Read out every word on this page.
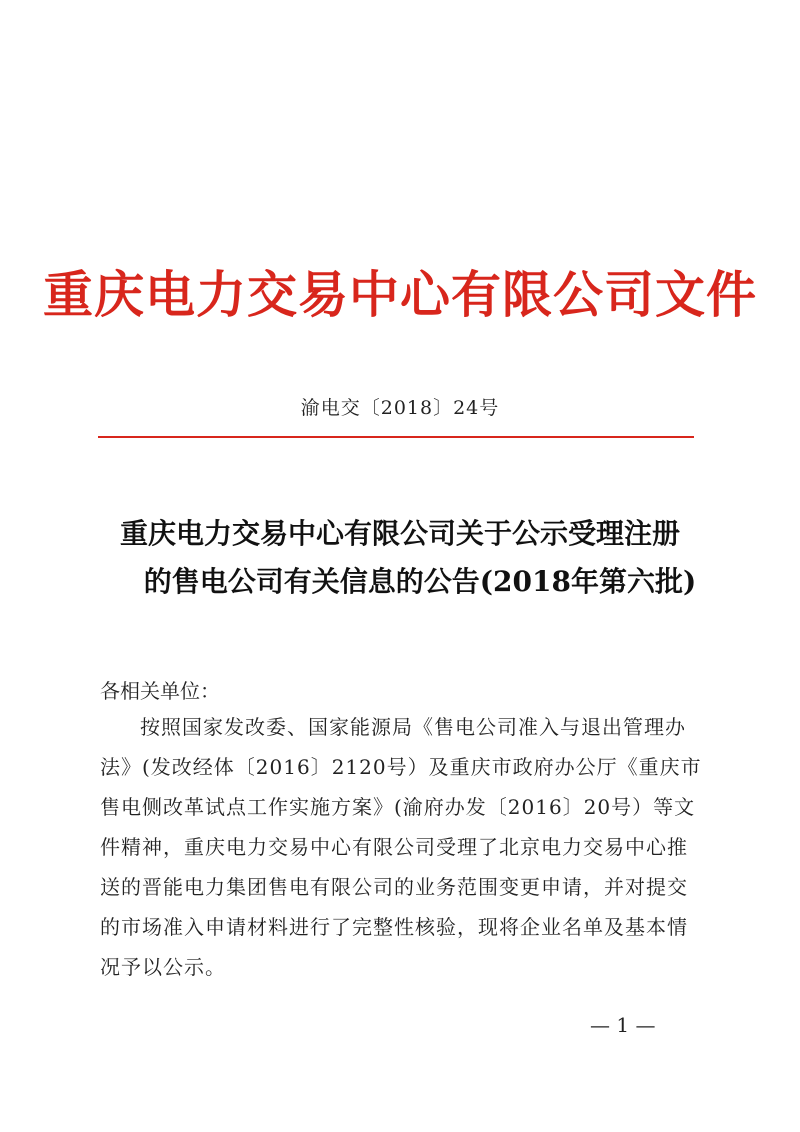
重庆电力交易中心有限公司文件
渝电交〔2018〕24号
重庆电力交易中心有限公司关于公示受理注册
的售电公司有关信息的公告(2018年第六批)
各相关单位：
按照国家发改委、国家能源局《售电公司准入与退出管理办
法》(发改经体〔2016〕2120号）及重庆市政府办公厅《重庆市
售电侧改革试点工作实施方案》(渝府办发〔2016〕20号）等文
件精神，重庆电力交易中心有限公司受理了北京电力交易中心推
送的晋能电力集团售电有限公司的业务范围变更申请，并对提交
的市场准入申请材料进行了完整性核验，现将企业名单及基本情
况予以公示。
— 1 —
